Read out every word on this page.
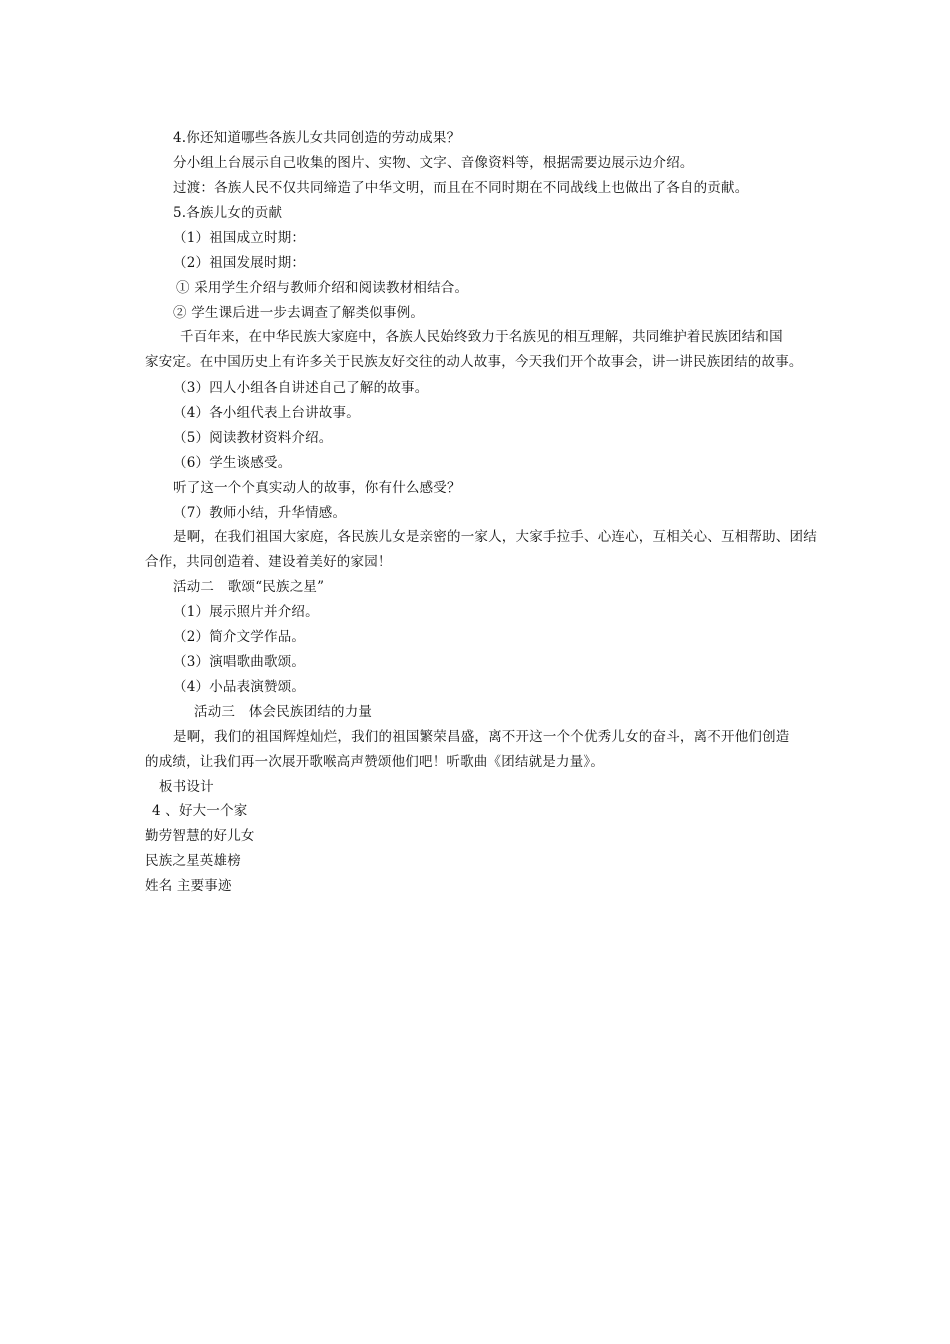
4.你还知道哪些各族儿女共同创造的劳动成果？
分小组上台展示自己收集的图片、实物、文字、音像资料等，根据需要边展示边介绍。
过渡：各族人民不仅共同缔造了中华文明，而且在不同时期在不同战线上也做出了各自的贡献。
5.各族儿女的贡献
（1）祖国成立时期：
（2）祖国发展时期：
① 采用学生介绍与教师介绍和阅读教材相结合。
② 学生课后进一步去调查了解类似事例。
千百年来，在中华民族大家庭中，各族人民始终致力于名族见的相互理解，共同维护着民族团结和国
家安定。在中国历史上有许多关于民族友好交往的动人故事，今天我们开个故事会，讲一讲民族团结的故事。
（3）四人小组各自讲述自己了解的故事。
（4）各小组代表上台讲故事。
（5）阅读教材资料介绍。
（6）学生谈感受。
听了这一个个真实动人的故事，你有什么感受？
（7）教师小结，升华情感。
是啊，在我们祖国大家庭，各民族儿女是亲密的一家人，大家手拉手、心连心，互相关心、互相帮助、团结
合作，共同创造着、建设着美好的家园！
活动二　歌颂“民族之星”
（1）展示照片并介绍。
（2）简介文学作品。
（3）演唱歌曲歌颂。
（4）小品表演赞颂。
活动三　体会民族团结的力量
是啊，我们的祖国辉煌灿烂，我们的祖国繁荣昌盛，离不开这一个个优秀儿女的奋斗，离不开他们创造
的成绩，让我们再一次展开歌喉高声赞颂他们吧！听歌曲《团结就是力量》。
板书设计
4 、好大一个家
勤劳智慧的好儿女
民族之星英雄榜
姓名 主要事迹
